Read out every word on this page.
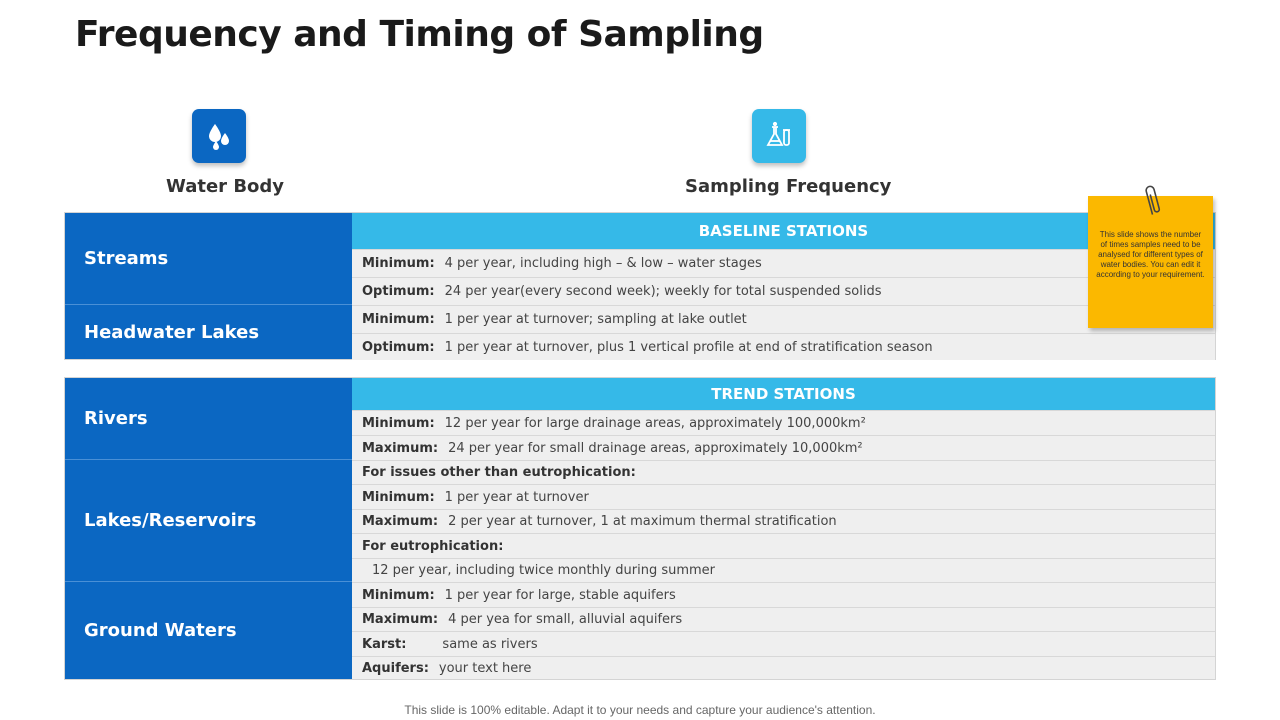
Frequency and Timing of Sampling
Water Body	Sampling Frequency
Streams
Headwater Lakes
BASELINE STATIONS
Minimum: 4 per year, including high – & low – water stages
Optimum: 24 per year(every second week); weekly for total suspended solids
Minimum: 1 per year at turnover; sampling at lake outlet
Optimum: 1 per year at turnover, plus 1 vertical profile at end of stratification season
Rivers
Lakes/Reservoirs
Ground Waters
TREND STATIONS
Minimum: 12 per year for large drainage areas, approximately 100,000km²
Maximum: 24 per year for small drainage areas, approximately 10,000km²
For issues other than eutrophication:
Minimum: 1 per year at turnover
Maximum: 2 per year at turnover, 1 at maximum thermal stratification
For eutrophication:
12 per year, including twice monthly during summer
Minimum: 1 per year for large, stable aquifers
Maximum: 4 per yea for small, alluvial aquifers
Karst:	same as rivers
Aquifers: your text here
This slide shows the number of times samples need to be analysed for different types of water bodies. You can edit it according to your requirement.
This slide is 100% editable. Adapt it to your needs and capture your audience's attention.
